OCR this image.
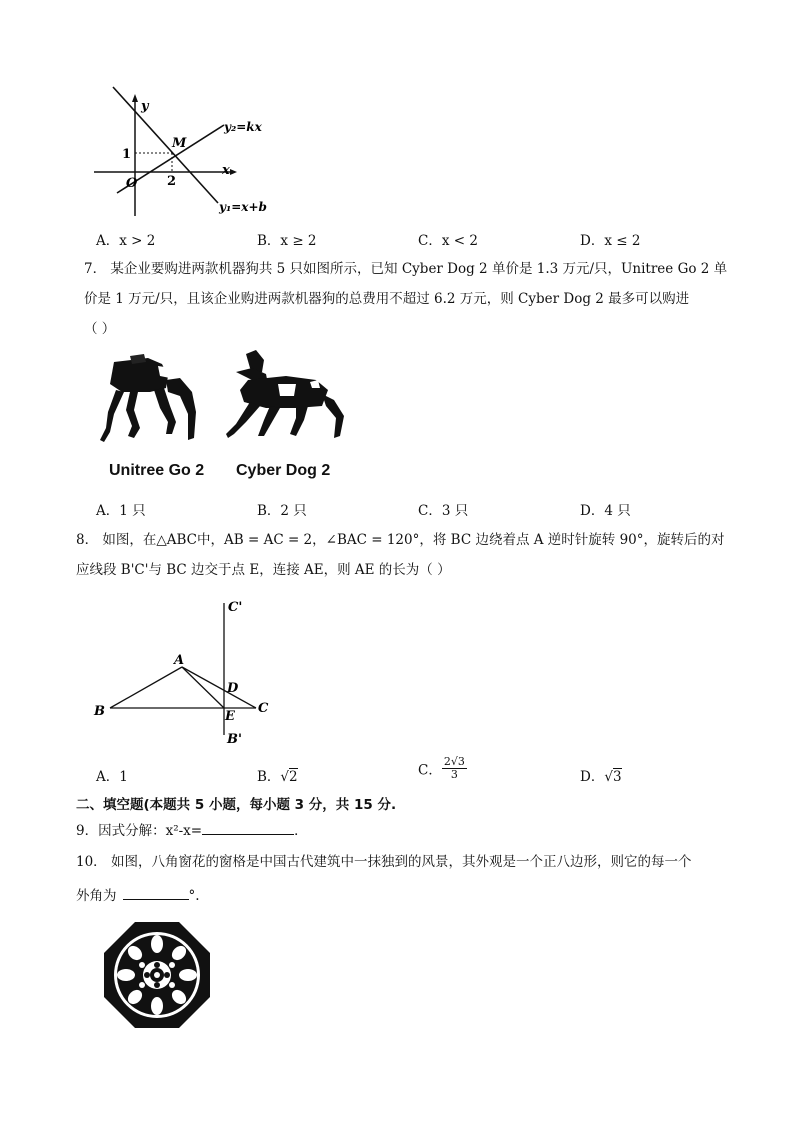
y
x
O
M
1
2
y₂=kx
y₁=x+b
A．x > 2	B．x ≥ 2	C．x < 2	D．x ≤ 2
7． 某企业要购进两款机器狗共 5 只如图所示，已知 Cyber Dog 2 单价是 1.3 万元/只，Unitree Go 2 单
价是 1 万元/只，且该企业购进两款机器狗的总费用不超过 6.2 万元，则 Cyber Dog 2 最多可以购进
（ ）
Unitree Go 2 Cyber Dog 2
A．1 只	B．2 只	C．3 只	D．4 只
8． 如图，在△ABC中，AB = AC = 2，∠BAC = 120°，将 BC 边绕着点 A 逆时针旋转 90°，旋转后的对
应线段 B'C'与 BC 边交于点 E，连接 AE，则 AE 的长为（ ）
C'
A
D
B	E
C
B'
A．1	B．√2	C． $\frac{2√3}{3}$	D．√3
二、填空题(本题共 5 小题，每小题 3 分，共 15 分.
9．因式分解：x²-x=	．
10． 如图，八角窗花的窗格是中国古代建筑中一抹独到的风景，其外观是一个正八边形，则它的每一个
外角为	°.
